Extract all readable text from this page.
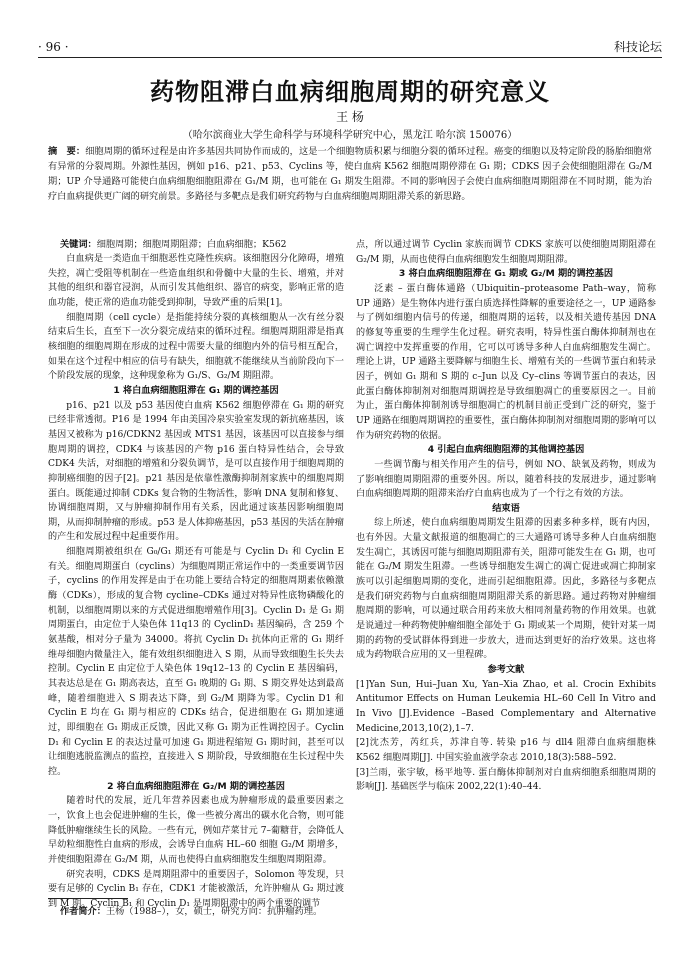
· 96 ·	科技论坛
药物阻滞白血病细胞周期的研究意义
王 杨
（哈尔滨商业大学生命科学与环境科学研究中心，黑龙江 哈尔滨 150076）
摘　要：细胞周期的循环过程是由许多基因共同协作而成的，这是一个细胞物质积累与细胞分裂的循环过程。癌变的细胞以及特定阶段的肠胎细胞常有异常的分裂周期。外源性基因，例如 p16、p21、p53、Cyclins 等，使白血病 K562 细胞周期停滞在 G₁ 期；CDKS 因子会使细胞阻滞在 G₂/M 期；UP 介导通路可能使白血病细胞细胞阻滞在 G₁/M 期，也可能在 G₁ 期发生阻滞。不同的影响因子会使白血病细胞周期阻滞在不同时期，能为治疗白血病提供更广阔的研究前景。多路径与多靶点是我们研究药物与白血病细胞周期阻滞关系的新思路。
关键词：细胞周期；细胞周期阻滞；白血病细胞；K562

白血病是一类造血干细胞恶性克隆性疾病。该细胞因分化障碍，增殖失控，凋亡受阻等机制在一些造血组织和骨髓中大量的生长、增殖，并对其他的组织和器官浸润，从而引发其他组织、器官的病变，影响正常的造血功能，使正常的造血功能受到抑制，导致严重的后果[1]。

细胞周期（cell cycle）是指能持续分裂的真核细胞从一次有丝分裂结束后生长，直至下一次分裂完成结束的循环过程。细胞周期阻滞是指真核细胞的细胞周期在形成的过程中需要大量的细胞内外的信号相互配合，如果在这个过程中相应的信号有缺失，细胞就不能继续从当前阶段向下一个阶段发展的现象，这种现象称为 G₁/S、G₂/M 期阻滞。

1 将白血病细胞阻滞在 G₁ 期的调控基因

p16、p21 以及 p53 基因使白血病 K562 细胞停滞在 G₁ 期的研究已经非常透彻。P16 是 1994 年由美国冷泉实验室发现的新抗癌基因，该基因又被称为 p16/CDKN2 基因或 MTS1 基因，该基因可以直接参与细胞周期的调控，CDK4 与该基因的产物 p16 蛋白特异性结合，会导致 CDK4 失活，对细胞的增殖和分裂负调节，是可以直接作用于细胞周期的抑制癌细胞的因子[2]。p21 基因是依靠性激酶抑制剂家族中的细胞周期蛋白。既能通过抑制 CDKs 复合物的生物活性，影响 DNA 复制和修复、协调细胞周期，又与肿瘤抑制作用有关系，因此通过该基因影响细胞周期，从而抑制肿瘤的形成。p53 是人体抑癌基因，p53 基因的失活在肿瘤的产生和发展过程中起重要作用。

细胞周期被组织在 G₀/G₁ 期还有可能是与 Cyclin D₁ 和 Cyclin E 有关。细胞周期蛋白（cyclins）为细胞周期正常运作中的一类重要调节因子，cyclins 的作用发挥是由于在功能上要结合特定的细胞周期素依赖激酶（CDKs），形成的复合物 cycline–CDKs 通过对特异性底物磷酸化的机制，以细胞周期以来的方式促进细胞增殖作用[3]。Cyclin D₁ 是 G₁ 期周期蛋白，由定位于人染色体 11q13 的 CyclinD₁ 基因编码，含 259 个氨基酸，相对分子量为 34000。将抗 Cyclin D₁ 抗体向正常的 G₁ 期纤维母细胞内微量注入，能有效组织细胞进入 S 期，从而导致细胞生长失去控制。Cyclin E 由定位于人染色体 19q12–13 的 Cyclin E 基因编码，其表达总是在 G₁ 期高表达，直至 G₁ 晚期的 G₁ 期、S 期交界处达到最高峰，随着细胞进入 S 期表达下降，到 G₂/M 期降为零。Cyclin D1 和 Cyclin E 均在 G₁ 期与相应的 CDKs 结合，促进细胞在 G₁ 期加速通过，即细胞在 G₁ 期成正反馈，因此又称 G₁ 期为正性调控因子。Cyclin D₁ 和 Cyclin E 的表达过量可加速 G₁ 期进程缩短 G₁ 期时间，甚至可以让细胞逃脱监测点的监控，直接进入 S 期阶段，导致细胞在生长过程中失控。

2 将白血病细胞阻滞在 G₂/M 期的调控基因

随着时代的发展，近几年营养因素也成为肿瘤形成的最重要因素之一，饮食上也会促进肿瘤的生长，像一些被分离出的碳水化合物，则可能降低肿瘤继续生长的风险。一些有元，例如芹菜甘元 7–葡糖苷，会降低人早幼粒细胞性白血病的形成，会诱导白血病 HL–60 细胞 G₂/M 期增多，并使细胞阻滞在 G₂/M 期，从而也使得白血病细胞发生细胞周期阻滞。

研究表明，CDKS 是周期阻滞中的重要因子，Solomon 等发现，只要有足够的 Cyclin B₁ 存在，CDK1 才能被激活，允许肿瘤从 G₂ 期过渡到 M 期。Cyclin B₁ 和 Cyclin D₁ 是周期阻滞中的两个重要的调节

点，所以通过调节 Cyclin 家族而调节 CDKS 家族可以使细胞周期阻滞在 G₂/M 期，从而也使得白血病细胞发生细胞周期阻滞。

3 将白血病细胞阻滞在 G₁ 期或 G₂/M 期的调控基因

泛素 – 蛋白酶体通路（Ubiquitin–proteasome Path–way，简称 UP 通路）是生物体内进行蛋白质选择性降解的重要途径之一，UP 通路参与了例如细胞内信号的传递，细胞周期的运转，以及相关遗传基因 DNA 的修复等重要的生理学生化过程。研究表明，特异性蛋白酶体抑制剂也在凋亡调控中发挥重要的作用，它可以可诱导多种人白血病细胞发生凋亡。理论上讲，UP 通路主要降解与细胞生长、增殖有关的一些调节蛋白和转录因子，例如 G₁ 期和 S 期的 c–Jun 以及 Cy–clins 等调节蛋白的表达，因此蛋白酶体抑制剂对细胞周期调控是导致细胞凋亡的重要原因之一。目前为止，蛋白酶体抑制剂诱导细胞凋亡的机制目前正受到广泛的研究，鉴于 UP 通路在细胞周期调控的重要性，蛋白酶体抑制剂对细胞周期的影响可以作为研究药物的依据。

4 引起白血病细胞阻滞的其他调控基因

一些调节酶与相关作用产生的信号，例如 NO、缺氧及药物，则成为了影响细胞周期阻滞的重要外因。所以，随着科技的发展进步，通过影响白血病细胞周期的阻滞来治疗白血病也成为了一个行之有效的方法。

结束语

综上所述，使白血病细胞周期发生阻滞的因素多种多样，既有内因，也有外因。大量文献报道的细胞凋亡的三大通路可诱导多种人白血病细胞发生凋亡，其诱因可能与细胞周期阻滞有关，阻滞可能发生在 G₁ 期，也可能在 G₂/M 期发生阻滞。一些诱导细胞发生凋亡的凋亡促进或凋亡抑制家族可以引起细胞周期的变化，进而引起细胞阻滞。因此，多路径与多靶点是我们研究药物与白血病细胞周期阻滞关系的新思路。通过药物对肿瘤细胞周期的影响，可以通过联合用药来放大相同剂量药物的作用效果。也就是说通过一种药物使肿瘤细胞全部处于 G₁ 期或某一个周期，使针对某一周期的药物的受试群体得到进一步放大，进而达到更好的治疗效果。这也将成为药物联合应用的又一里程碑。

参考文献
[1]Yan Sun, Hui–Juan Xu, Yan–Xia Zhao, et al. Crocin Exhibits Antitumor Effects on Human Leukemia HL–60 Cell In Vitro and In Vivo [J].Evidence –Based Complementary and Alternative Medicine,2013,10(2),1–7.
[2]沈杰芳，芮红兵，苏津自等. 转染 p16 与 dll4 阻滞白血病细胞株 K562 细胞周期[J]. 中国实验血液学杂志 2010,18(3):588–592.
[3]兰雨，张宇敏，杨平地等. 蛋白酶体抑制剂对白血病细胞系细胞周期的影响[J]. 基础医学与临床 2002,22(1):40–44.
作者简介：王杨（1988–），女，硕士，研究方向：抗肿瘤药理。
